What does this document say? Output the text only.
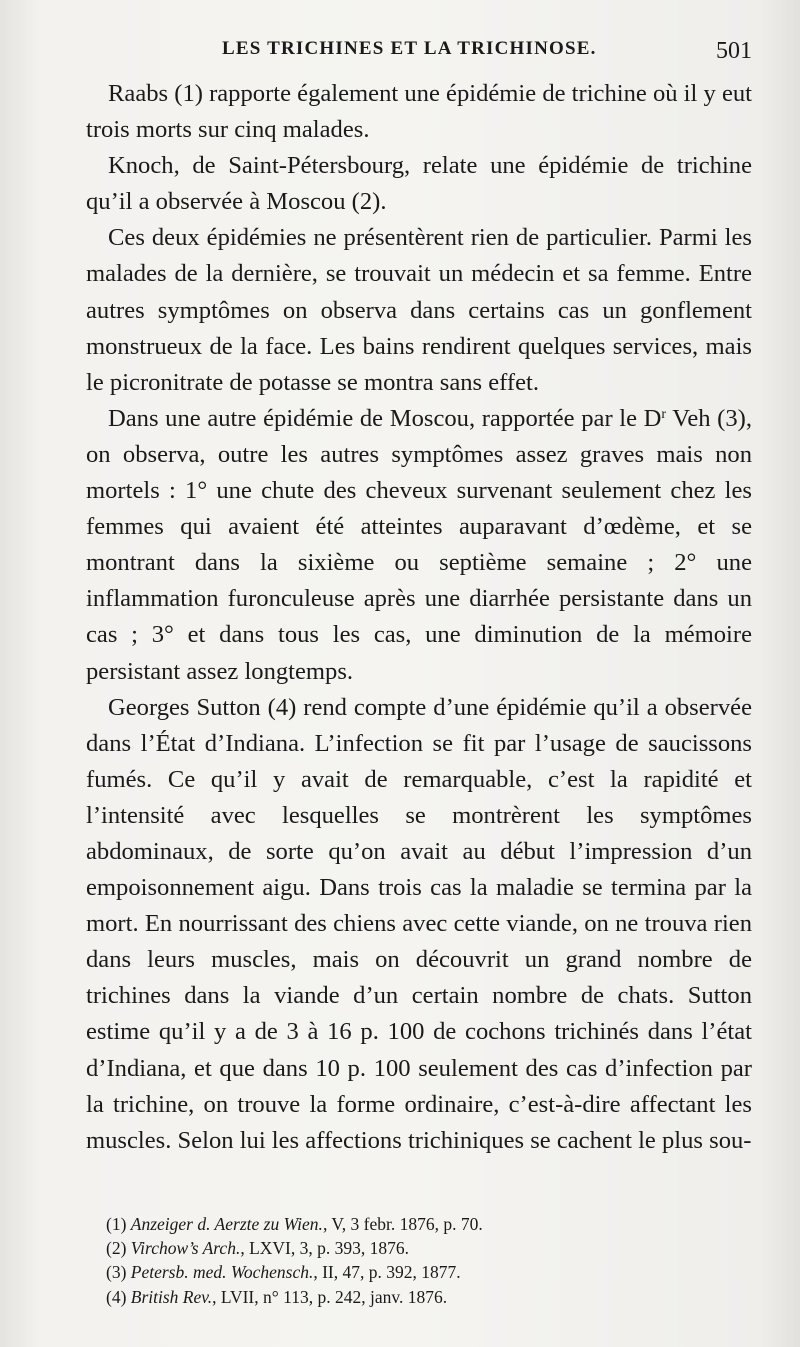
LES TRICHINES ET LA TRICHINOSE.	501

Raabs (1) rapporte également une épidémie de trichine où il y eut trois morts sur cinq malades.

Knoch, de Saint-Pétersbourg, relate une épidémie de trichine qu’il a observée à Moscou (2).

Ces deux épidémies ne présentèrent rien de particulier. Parmi les malades de la dernière, se trouvait un médecin et sa femme. Entre autres symptômes on observa dans certains cas un gonflement monstrueux de la face. Les bains rendirent quelques services, mais le picronitrate de potasse se montra sans effet.

Dans une autre épidémie de Moscou, rapportée par le $D^r$ Veh (3), on observa, outre les autres symptômes assez graves mais non mortels : 1° une chute des cheveux survenant seulement chez les femmes qui avaient été atteintes auparavant d’œdème, et se montrant dans la sixième ou septième semaine ; 2° une inflammation furonculeuse après une diarrhée persistante dans un cas ; 3° et dans tous les cas, une diminution de la mémoire persistant assez longtemps.

Georges Sutton (4) rend compte d’une épidémie qu’il a observée dans l’État d’Indiana. L’infection se fit par l’usage de saucissons fumés. Ce qu’il y avait de remarquable, c’est la rapidité et l’intensité avec lesquelles se montrèrent les symptômes abdominaux, de sorte qu’on avait au début l’impression d’un empoisonnement aigu. Dans trois cas la maladie se termina par la mort. En nourrissant des chiens avec cette viande, on ne trouva rien dans leurs muscles, mais on découvrit un grand nombre de trichines dans la viande d’un certain nombre de chats. Sutton estime qu’il y a de 3 à 16 p. 100 de cochons trichinés dans l’état d’Indiana, et que dans 10 p. 100 seulement des cas d’infection par la trichine, on trouve la forme ordinaire, c’est-à-dire affectant les muscles. Selon lui les affections trichiniques se cachent le plus sou-

(1) Anzeiger d. Aerzte zu Wien., V, 3 febr. 1876, p. 70.
(2) Virchow’s Arch., LXVI, 3, p. 393, 1876.
(3) Petersb. med. Wochensch., II, 47, p. 392, 1877.
(4) British Rev., LVII, n° 113, p. 242, janv. 1876.
